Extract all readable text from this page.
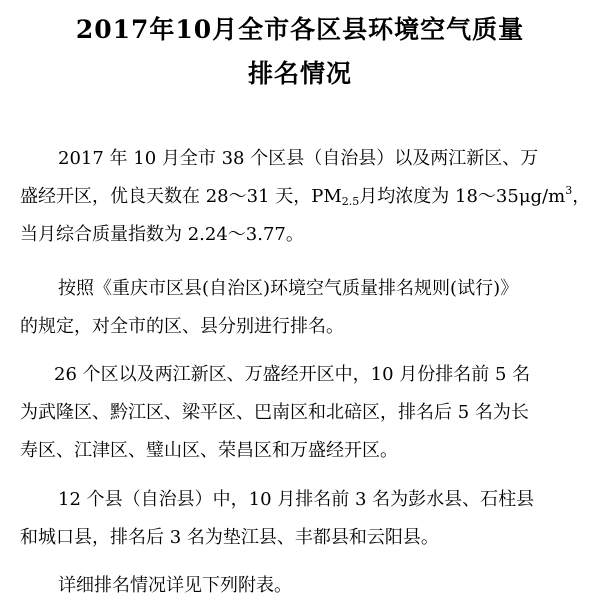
2017年10月全市各区县环境空气质量
排名情况
2017 年 10 月全市 38 个区县（自治县）以及两江新区、万
盛经开区，优良天数在 28～31 天，$PM_{2.5}$月均浓度为 $18\sim 35\mu g/m^3$，
当月综合质量指数为 2.24～3.77。
按照《重庆市区县(自治区)环境空气质量排名规则(试行)》
的规定，对全市的区、县分别进行排名。
26 个区以及两江新区、万盛经开区中，10 月份排名前 5 名
为武隆区、黔江区、梁平区、巴南区和北碚区，排名后 5 名为长
寿区、江津区、璧山区、荣昌区和万盛经开区。
12 个县（自治县）中，10 月排名前 3 名为彭水县、石柱县
和城口县，排名后 3 名为垫江县、丰都县和云阳县。
详细排名情况详见下列附表。
